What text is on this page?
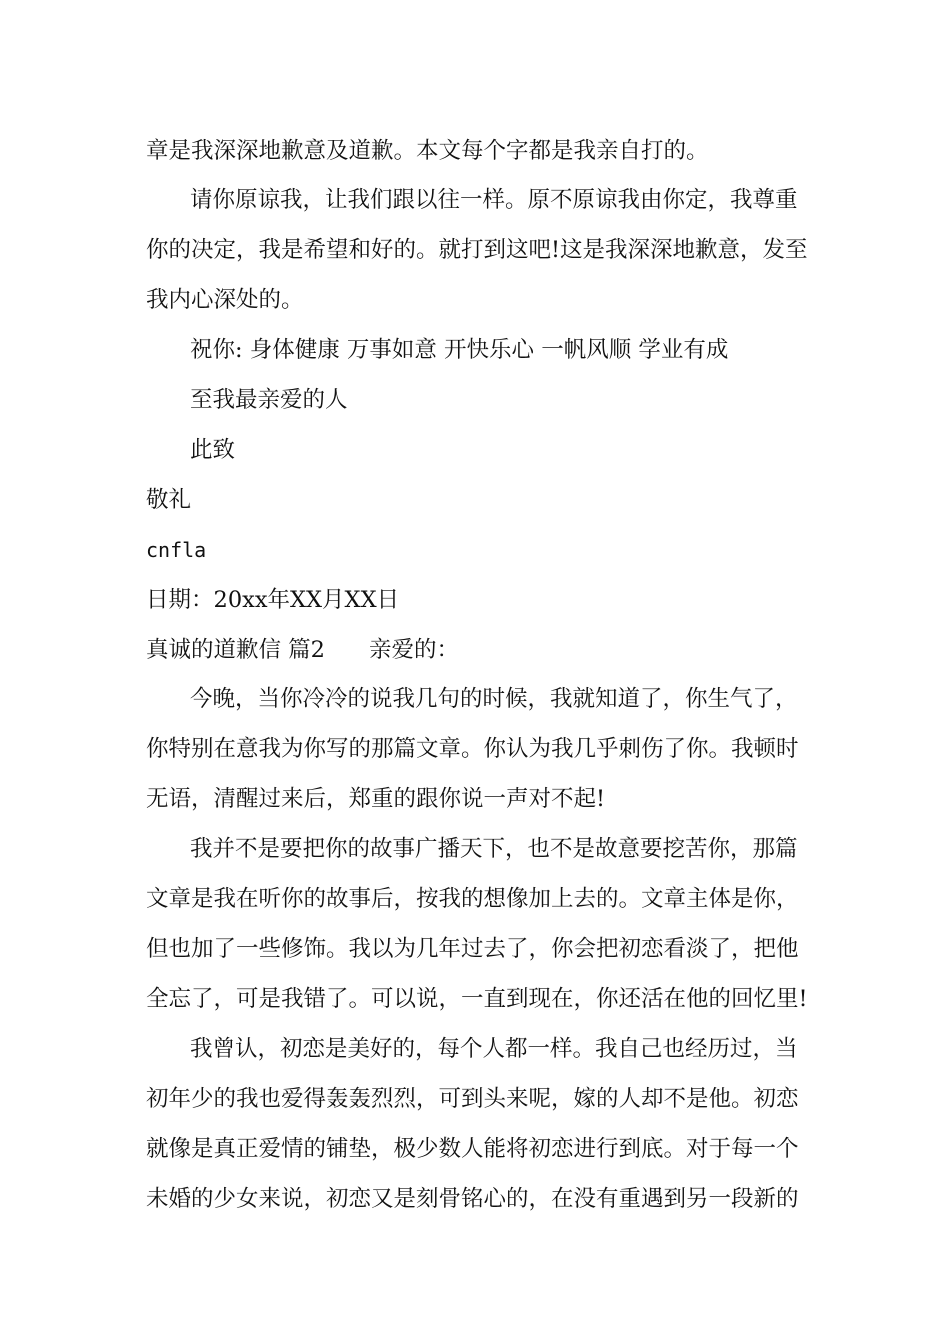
章是我深深地歉意及道歉。本文每个字都是我亲自打的。
请你原谅我，让我们跟以往一样。原不原谅我由你定，我尊重
你的决定，我是希望和好的。就打到这吧!这是我深深地歉意，发至
我内心深处的。
祝你: 身体健康 万事如意 开快乐心 一帆风顺 学业有成
至我最亲爱的人
此致
敬礼
cnfla
日期：20xx年XX月XX日
真诚的道歉信 篇2 亲爱的：
今晚，当你冷冷的说我几句的时候，我就知道了，你生气了，
你特别在意我为你写的那篇文章。你认为我几乎刺伤了你。我顿时
无语，清醒过来后，郑重的跟你说一声对不起!
我并不是要把你的故事广播天下，也不是故意要挖苦你，那篇
文章是我在听你的故事后，按我的想像加上去的。文章主体是你，
但也加了一些修饰。我以为几年过去了，你会把初恋看淡了，把他
全忘了，可是我错了。可以说，一直到现在，你还活在他的回忆里!
我曾认，初恋是美好的，每个人都一样。我自己也经历过，当
初年少的我也爱得轰轰烈烈，可到头来呢，嫁的人却不是他。初恋
就像是真正爱情的铺垫，极少数人能将初恋进行到底。对于每一个
未婚的少女来说，初恋又是刻骨铭心的，在没有重遇到另一段新的
